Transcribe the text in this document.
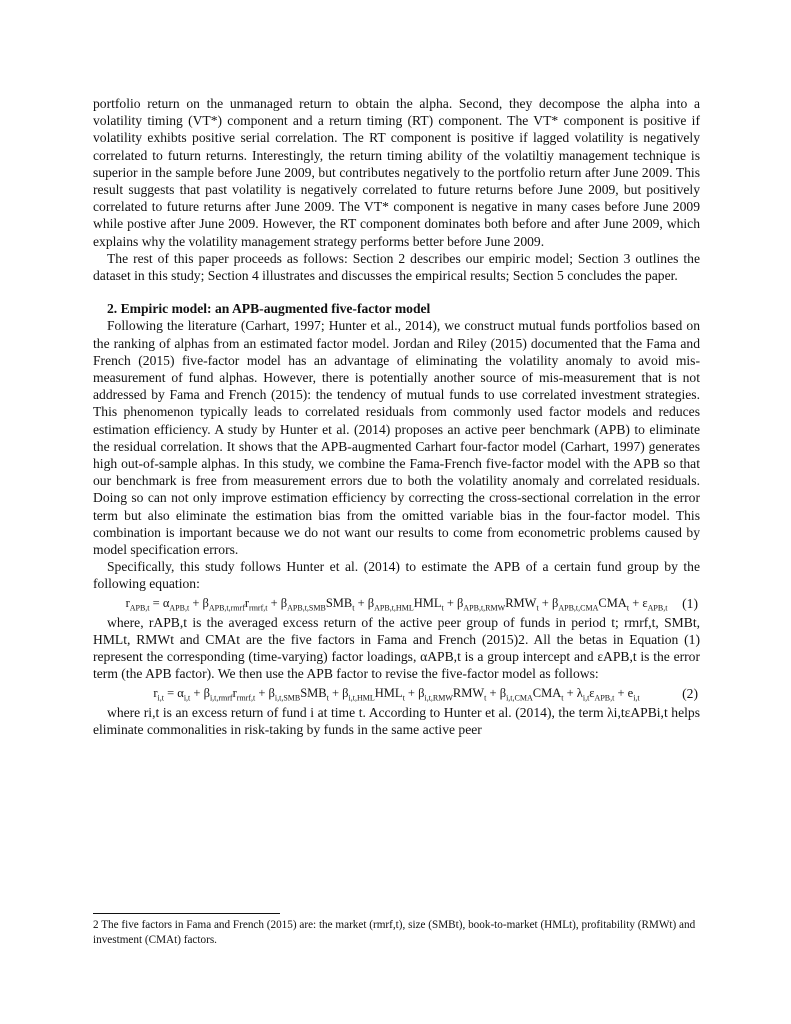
portfolio return on the unmanaged return to obtain the alpha. Second, they decompose the alpha into a volatility timing (VT*) component and a return timing (RT) component. The VT* component is positive if volatility exhibts positive serial correlation. The RT component is positive if lagged volatility is negatively correlated to futurn returns. Interestingly, the return timing ability of the volatiltiy management technique is superior in the sample before June 2009, but contributes negatively to the portfolio return after June 2009. This result suggests that past volatility is negatively correlated to future returns before June 2009, but positively correlated to future returns after June 2009. The VT* component is negative in many cases before June 2009 while postive after June 2009. However, the RT component dominates both before and after June 2009, which explains why the volatility management strategy performs better before June 2009.

The rest of this paper proceeds as follows: Section 2 describes our empiric model; Section 3 outlines the dataset in this study; Section 4 illustrates and discusses the empirical results; Section 5 concludes the paper.

2. Empiric model: an APB-augmented five-factor model

Following the literature (Carhart, 1997; Hunter et al., 2014), we construct mutual funds portfolios based on the ranking of alphas from an estimated factor model. Jordan and Riley (2015) documented that the Fama and French (2015) five-factor model has an advantage of eliminating the volatility anomaly to avoid mis-measurement of fund alphas. However, there is potentially another source of mis-measurement that is not addressed by Fama and French (2015): the tendency of mutual funds to use correlated investment strategies. This phenomenon typically leads to correlated residuals from commonly used factor models and reduces estimation efficiency. A study by Hunter et al. (2014) proposes an active peer benchmark (APB) to eliminate the residual correlation. It shows that the APB-augmented Carhart four-factor model (Carhart, 1997) generates high out-of-sample alphas. In this study, we combine the Fama-French five-factor model with the APB so that our benchmark is free from measurement errors due to both the volatility anomaly and correlated residuals. Doing so can not only improve estimation efficiency by correcting the cross-sectional correlation in the error term but also eliminate the estimation bias from the omitted variable bias in the four-factor model. This combination is important because we do not want our results to come from econometric problems caused by model specification errors.

Specifically, this study follows Hunter et al. (2014) to estimate the APB of a certain fund group by the following equation:

$r_{APB,t} = \alpha_{APB,t} + \beta_{APB,t,rmrf}r_{rmrf,t} + \beta_{APB,t,SMB}SMB_t + \beta_{APB,t,HML}HML_t + \beta_{APB,t,RMW}RMW_t + \beta_{APB,t,CMA}CMA_t + \varepsilon_{APB,t}$ (1)

where, rAPB,t is the averaged excess return of the active peer group of funds in period t; rmrf,t, SMBt, HMLt, RMWt and CMAt are the five factors in Fama and French (2015)2. All the betas in Equation (1) represent the corresponding (time-varying) factor loadings, αAPB,t is a group intercept and εAPB,t is the error term (the APB factor). We then use the APB factor to revise the five-factor model as follows:

$r_{i,t} = \alpha_{i,t} + \beta_{i,t,rmrf}r_{rmrf,t} + \beta_{i,t,SMB}SMB_t + \beta_{i,t,HML}HML_t + \beta_{i,t,RMW}RMW_t + \beta_{i,t,CMA}CMA_t + \lambda_{i,t}\varepsilon_{APB,t} + e_{i,t}$	(2)

where ri,t is an excess return of fund i at time t. According to Hunter et al. (2014), the term λi,tεAPBi,t helps eliminate commonalities in risk-taking by funds in the same active peer

2 The five factors in Fama and French (2015) are: the market (rmrf,t), size (SMBt), book-to-market (HMLt), profitability (RMWt) and investment (CMAt) factors.
